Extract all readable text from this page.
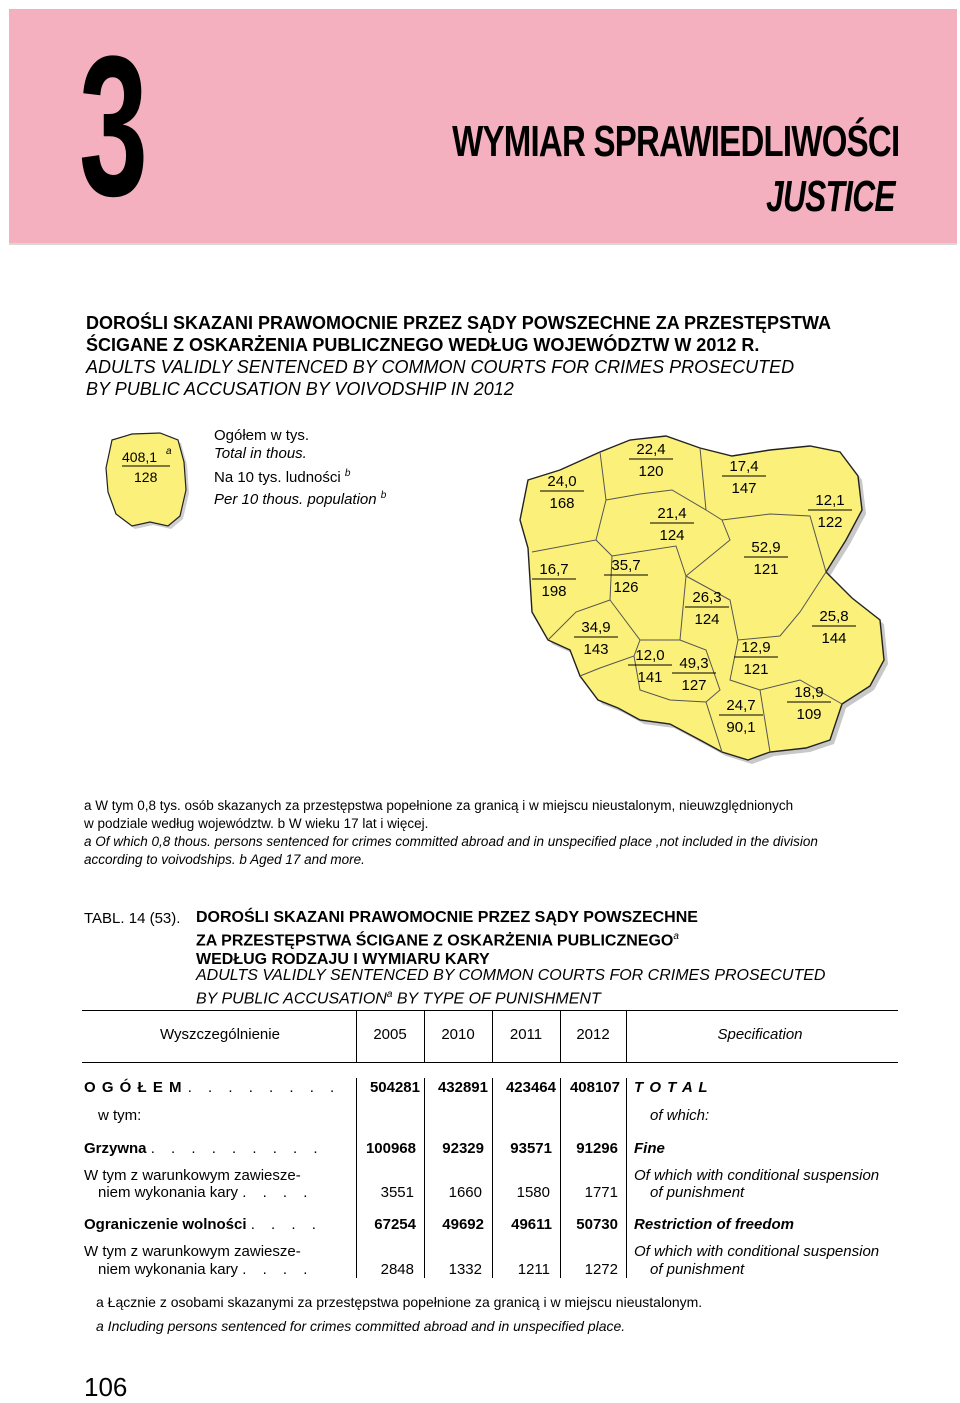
3	WYMIAR SPRAWIEDLIWOŚCI
JUSTICE
DOROŚLI SKAZANI PRAWOMOCNIE PRZEZ SĄDY POWSZECHNE ZA PRZESTĘPSTWA
ŚCIGANE Z OSKARŻENIA PUBLICZNEGO WEDŁUG WOJEWÓDZTW W 2012 R.
ADULTS VALIDLY SENTENCED BY COMMON COURTS FOR CRIMES PROSECUTED
BY PUBLIC ACCUSATION BY VOIVODSHIP IN 2012
Ogółem w tys.
Total in thous.
Na 10 tys. ludności $^b$
Per 10 thous. population $^b$
408,1 a
128
22,4
120
24,0
168
17,4
147
12,1
122
21,4
124
52,9
121
16,7
198
35,7
126
26,3
124	25,8
144
34,9
143	12,9
121
12,0
141
49,3
127	18,9
109
24,7
90,1
a W tym 0,8 tys. osób skazanych za przestępstwa popełnione za granicą i w miejscu nieustalonym, nieuwzględnionych
w podziale według województw. b W wieku 17 lat i więcej.
a Of which 0,8 thous. persons sentenced for crimes committed abroad and in unspecified place ,not included in the division
according to voivodships. b Aged 17 and more.
TABL. 14 (53). DOROŚLI SKAZANI PRAWOMOCNIE PRZEZ SĄDY POWSZECHNE
ZA PRZESTĘPSTWA ŚCIGANE Z OSKARŻENIA PUBLICZNEGO$^a$
WEDŁUG RODZAJU I WYMIARU KARY
ADULTS VALIDLY SENTENCED BY COMMON COURTS FOR CRIMES PROSECUTED
BY PUBLIC ACCUSATION$^a$ BY TYPE OF PUNISHMENT
Wyszczególnienie	2005	2010	2011	2012	Specification
O G Ó Ł E M . . . . . . . .	504281	432891	423464 408107 T O T A L
w tym:	of which:
Grzywna . . . . . . . . .	100968	92329	93571	91296 Fine
W tym z warunkowym zawiesze-
niem wykonania kary . . . .	3551	1660	1580	1771
Of which with conditional suspension
of punishment
Ograniczenie wolności . . . .	67254	49692	49611	50730 Restriction of freedom
W tym z warunkowym zawiesze-
niem wykonania kary . . . .	2848	1332	1211	1272
Of which with conditional suspension
of punishment
a Łącznie z osobami skazanymi za przestępstwa popełnione za granicą i w miejscu nieustalonym.
a Including persons sentenced for crimes committed abroad and in unspecified place.
106
